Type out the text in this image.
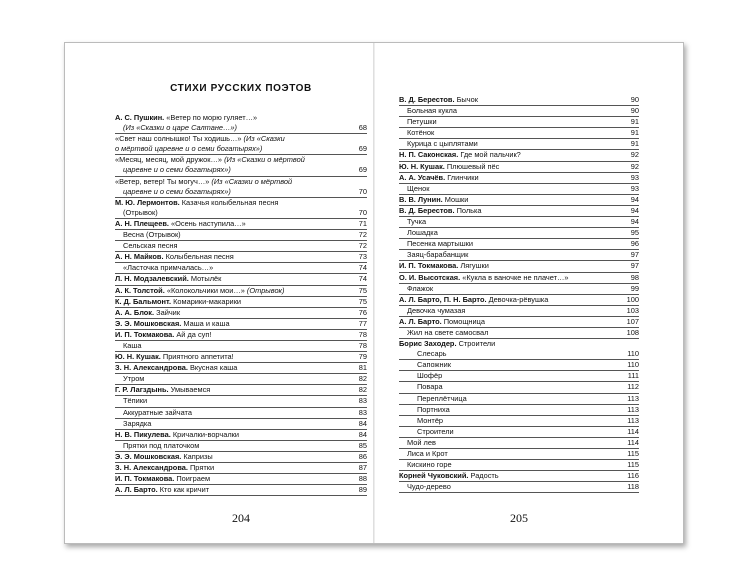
СТИХИ РУССКИХ ПОЭТОВ
А. С. Пушкин. «Ветер по морю гуляет…»
(Из «Сказки о царе Салтане…»)	68
«Свет наш солнышко! Ты ходишь…» (Из «Сказки
о мёртвой царевне и о семи богатырях»)	69
«Месяц, месяц, мой дружок…» (Из «Сказки о мёртвой
царевне и о семи богатырях»)	69
«Ветер, ветер! Ты могуч…» (Из «Сказки о мёртвой
царевне и о семи богатырях»)	70
М. Ю. Лермонтов. Казачья колыбельная песня
(Отрывок)	70
А. Н. Плещеев. «Осень наступила…»	71
Весна (Отрывок)	72
Сельская песня	72
А. Н. Майков. Колыбельная песня	73
«Ласточка примчалась…»	74
Л. Н. Модзалевский. Мотылёк	74
А. К. Толстой. «Колокольчики мои…» (Отрывок)	75
К. Д. Бальмонт. Комарики-макарики	75
А. А. Блок. Зайчик	76
Э. Э. Мошковская. Маша и каша	77
И. П. Токмакова. Ай да суп!	78
Каша	78
Ю. Н. Кушак. Приятного аппетита!	79
З. Н. Александрова. Вкусная каша	81
Утром	82
Г. Р. Лагздынь. Умываемся	82
Тёпики	83
Аккуратные зайчата	83
Зарядка	84
Н. В. Пикулева. Кричалки-ворчалки	84
Прятки под платочком	85
Э. Э. Мошковская. Капризы	86
З. Н. Александрова. Прятки	87
И. П. Токмакова. Поиграем	88
А. Л. Барто. Кто как кричит	89
204
В. Д. Берестов. Бычок	90
Больная кукла	90
Петушки	91
Котёнок	91
Курица с цыплятами	91
Н. П. Саконская. Где мой пальчик?	92
Ю. Н. Кушак. Плюшевый пёс	92
А. А. Усачёв. Глинчики	93
Щенок	93
В. В. Лунин. Мошки	94
В. Д. Берестов. Полька	94
Тучка	94
Лошадка	95
Песенка мартышки	96
Заяц-барабанщик	97
И. П. Токмакова. Лягушки	97
О. И. Высотская. «Кукла в ваночке не плачет…»	98
Флажок	99
А. Л. Барто, П. Н. Барто. Девочка-рёвушка	100
Девочка чумазая	103
А. Л. Барто. Помощница	107
Жил на свете самосвал	108
Борис Заходер. Строители
Слесарь	110
Сапожник	110
Шофёр	111
Повара	112
Переплётчица	113
Портниха	113
Монтёр	113
Строители	114
Мой лев	114
Лиса и Крот	115
Кискино горе	115
Корней Чуковский. Радость	116
Чудо-дерево	118
205
